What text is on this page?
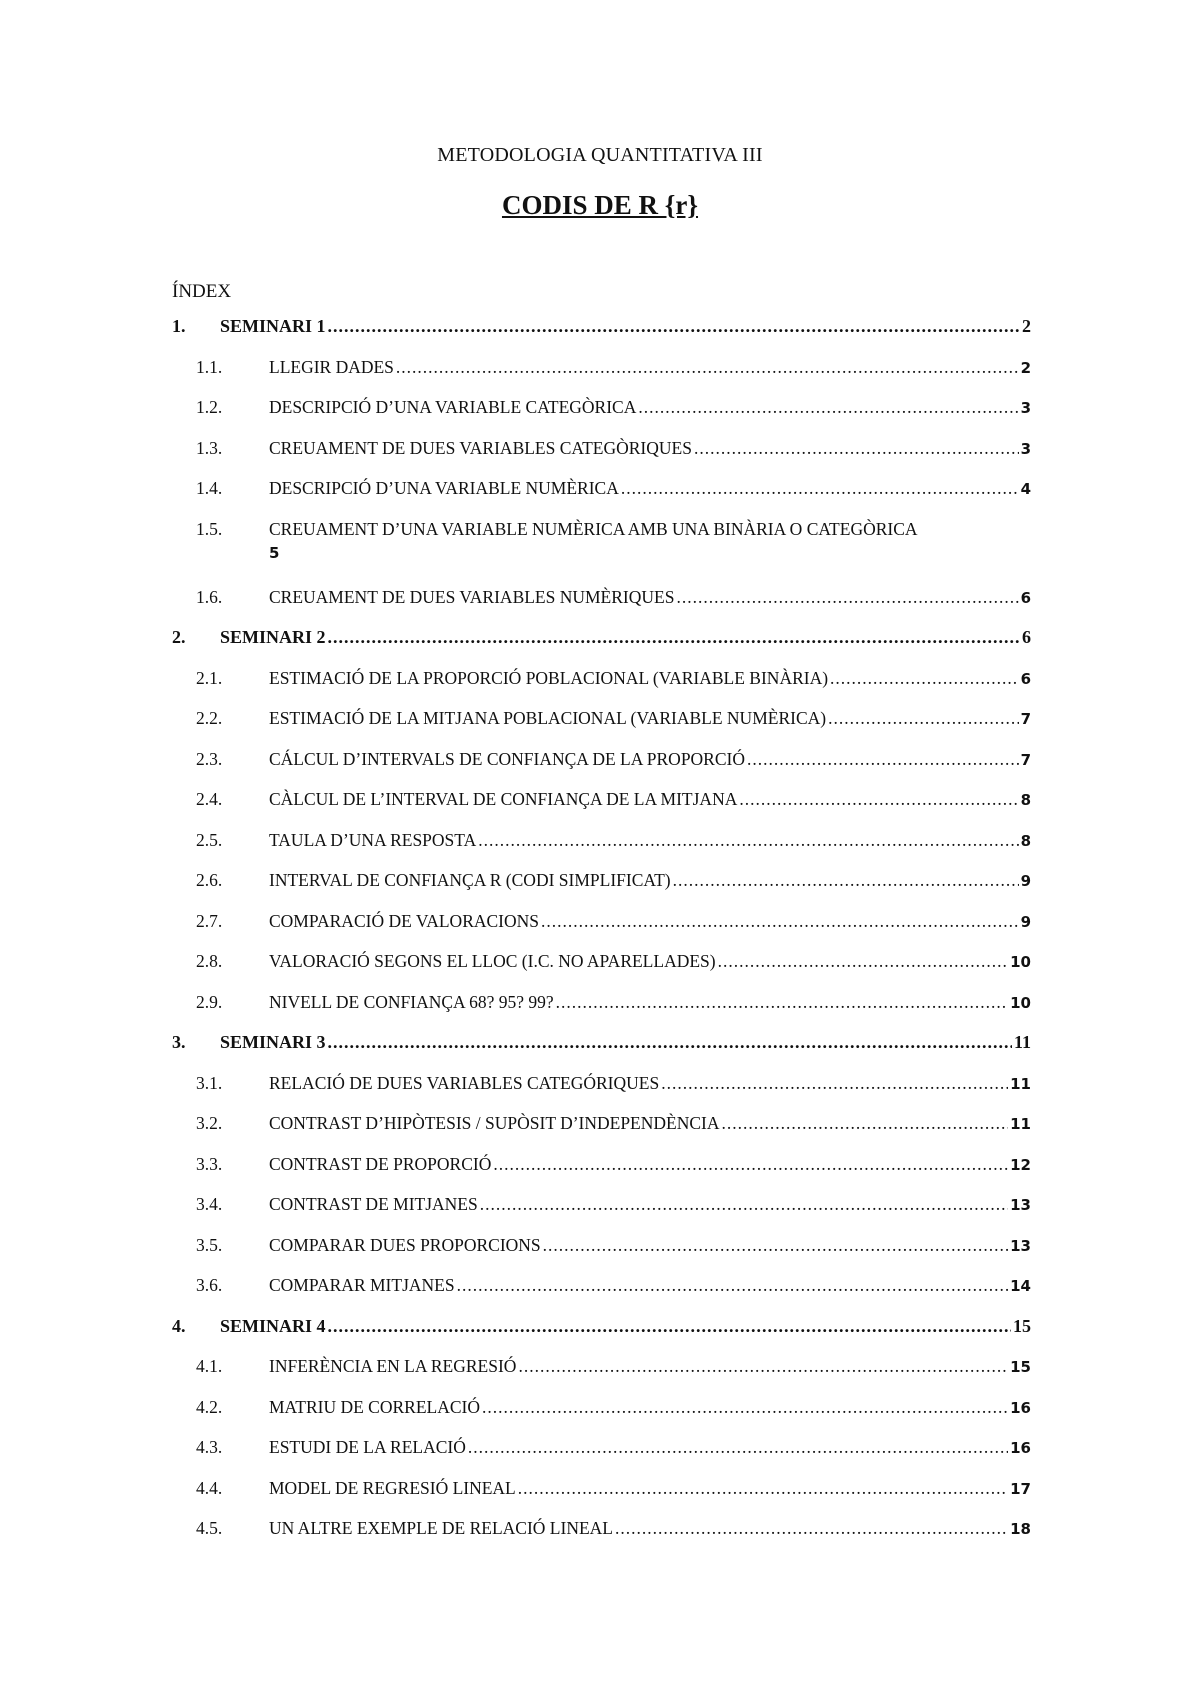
METODOLOGIA QUANTITATIVA III
CODIS DE R {r}
ÍNDEX
1.	SEMINARI 1 .....	2
1.1.	LLEGIR DADES .....	2
1.2.	DESCRIPCIÓ D’UNA VARIABLE CATEGÒRICA .....	3
1.3.	CREUAMENT DE DUES VARIABLES CATEGÒRIQUES .....	3
1.4.	DESCRIPCIÓ D’UNA VARIABLE NUMÈRICA .....	4
1.5.	CREUAMENT D’UNA VARIABLE NUMÈRICA AMB UNA BINÀRIA O CATEGÒRICA
5
1.6.	CREUAMENT DE DUES VARIABLES NUMÈRIQUES .....	6
2.	SEMINARI 2 .....	6
2.1.	ESTIMACIÓ DE LA PROPORCIÓ POBLACIONAL (VARIABLE BINÀRIA) .....	6
2.2.	ESTIMACIÓ DE LA MITJANA POBLACIONAL (VARIABLE NUMÈRICA) .....	7
2.3.	CÁLCUL D’INTERVALS DE CONFIANÇA DE LA PROPORCIÓ .....	7
2.4.	CÀLCUL DE L’INTERVAL DE CONFIANÇA DE LA MITJANA .....	8
2.5.	TAULA D’UNA RESPOSTA .....	8
2.6.	INTERVAL DE CONFIANÇA R (CODI SIMPLIFICAT) .....	9
2.7.	COMPARACIÓ DE VALORACIONS .....	9
2.8.	VALORACIÓ SEGONS EL LLOC (I.C. NO APARELLADES) .....	10
2.9.	NIVELL DE CONFIANÇA 68? 95? 99? .....	10
3.	SEMINARI 3 .....	11
3.1.	RELACIÓ DE DUES VARIABLES CATEGÓRIQUES .....	11
3.2.	CONTRAST D’HIPÒTESIS / SUPÒSIT D’INDEPENDÈNCIA .....	11
3.3.	CONTRAST DE PROPORCIÓ .....	12
3.4.	CONTRAST DE MITJANES .....	13
3.5.	COMPARAR DUES PROPORCIONS .....	13
3.6.	COMPARAR MITJANES .....	14
4.	SEMINARI 4 .....	15
4.1.	INFERÈNCIA EN LA REGRESIÓ .....	15
4.2.	MATRIU DE CORRELACIÓ .....	16
4.3.	ESTUDI DE LA RELACIÓ .....	16
4.4.	MODEL DE REGRESIÓ LINEAL .....	17
4.5.	UN ALTRE EXEMPLE DE RELACIÓ LINEAL .....	18
